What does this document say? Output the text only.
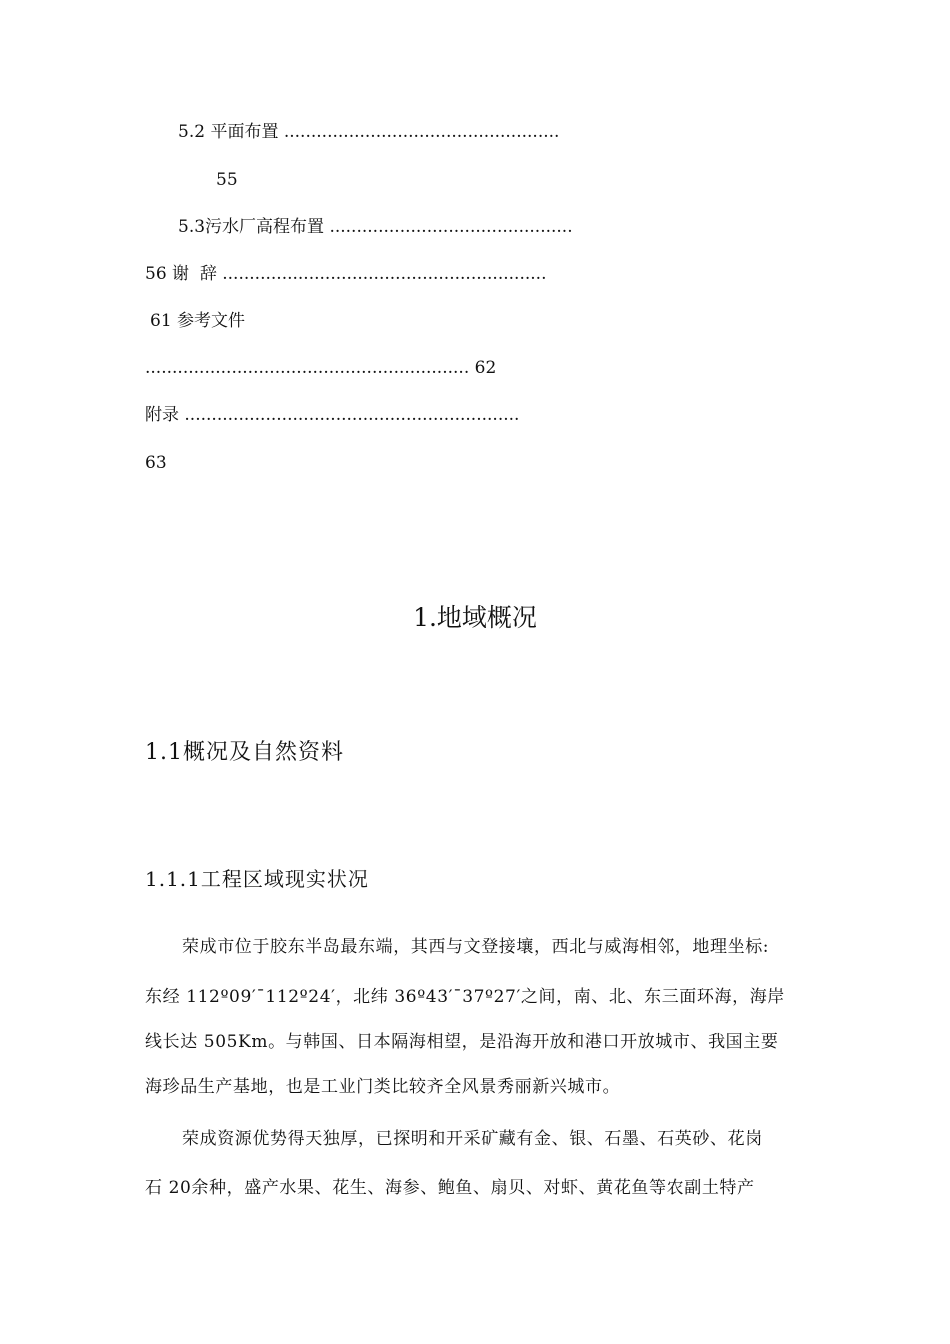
5.2 平面布置 ...................................................
55
5.3污水厂高程布置 .............................................
56 谢  辞 ............................................................
61 参考文件
............................................................ 62
附录 ..............................................................
63
1.地域概况
1.1概况及自然资料
1.1.1工程区域现实状况
荣成市位于胶东半岛最东端，其西与文登接壤，西北与威海相邻，地理坐标:
东经 112º09′¯112º24′，北纬 36º43′¯37º27′之间，南、北、东三面环海，海岸
线长达 505Km。与韩国、日本隔海相望，是沿海开放和港口开放城市、我国主要
海珍品生产基地，也是工业门类比较齐全风景秀丽新兴城市。
荣成资源优势得天独厚，已探明和开采矿藏有金、银、石墨、石英砂、花岗
石 20余种，盛产水果、花生、海参、鲍鱼、扇贝、对虾、黄花鱼等农副土特产
